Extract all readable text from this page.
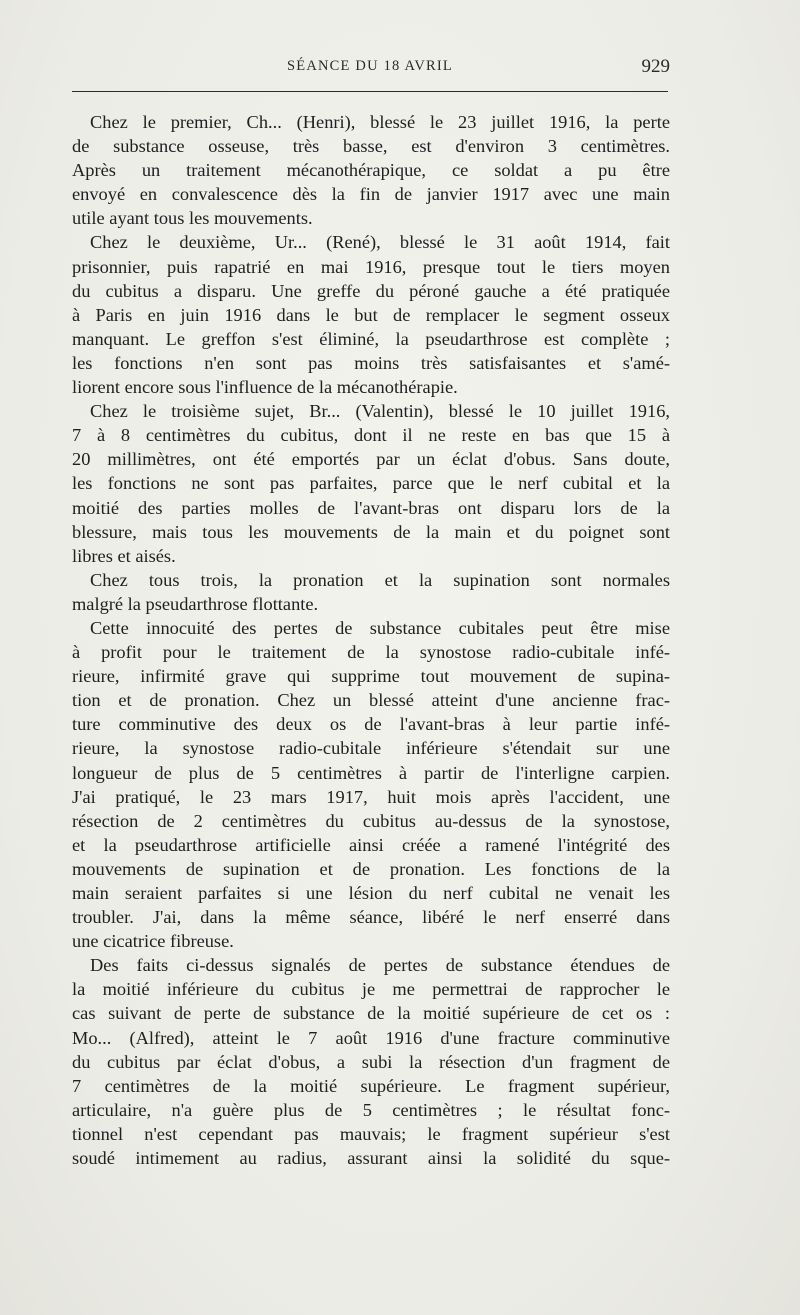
SÉANCE DU 18 AVRIL	929
Chez le premier, Ch... (Henri), blessé le 23 juillet 1916, la perte
de substance osseuse, très basse, est d'environ 3 centimètres.
Après un traitement mécanothérapique, ce soldat a pu être
envoyé en convalescence dès la fin de janvier 1917 avec une main
utile ayant tous les mouvements.
Chez le deuxième, Ur... (René), blessé le 31 août 1914, fait
prisonnier, puis rapatrié en mai 1916, presque tout le tiers moyen
du cubitus a disparu. Une greffe du péroné gauche a été pratiquée
à Paris en juin 1916 dans le but de remplacer le segment osseux
manquant. Le greffon s'est éliminé, la pseudarthrose est complète ;
les fonctions n'en sont pas moins très satisfaisantes et s'amé-
liorent encore sous l'influence de la mécanothérapie.
Chez le troisième sujet, Br... (Valentin), blessé le 10 juillet 1916,
7 à 8 centimètres du cubitus, dont il ne reste en bas que 15 à
20 millimètres, ont été emportés par un éclat d'obus. Sans doute,
les fonctions ne sont pas parfaites, parce que le nerf cubital et la
moitié des parties molles de l'avant-bras ont disparu lors de la
blessure, mais tous les mouvements de la main et du poignet sont
libres et aisés.
Chez tous trois, la pronation et la supination sont normales
malgré la pseudarthrose flottante.
Cette innocuité des pertes de substance cubitales peut être mise
à profit pour le traitement de la synostose radio-cubitale infé-
rieure, infirmité grave qui supprime tout mouvement de supina-
tion et de pronation. Chez un blessé atteint d'une ancienne frac-
ture comminutive des deux os de l'avant-bras à leur partie infé-
rieure, la synostose radio-cubitale inférieure s'étendait sur une
longueur de plus de 5 centimètres à partir de l'interligne carpien.
J'ai pratiqué, le 23 mars 1917, huit mois après l'accident, une
résection de 2 centimètres du cubitus au-dessus de la synostose,
et la pseudarthrose artificielle ainsi créée a ramené l'intégrité des
mouvements de supination et de pronation. Les fonctions de la
main seraient parfaites si une lésion du nerf cubital ne venait les
troubler. J'ai, dans la même séance, libéré le nerf enserré dans
une cicatrice fibreuse.
Des faits ci-dessus signalés de pertes de substance étendues de
la moitié inférieure du cubitus je me permettrai de rapprocher le
cas suivant de perte de substance de la moitié supérieure de cet os :
Mo... (Alfred), atteint le 7 août 1916 d'une fracture comminutive
du cubitus par éclat d'obus, a subi la résection d'un fragment de
7 centimètres de la moitié supérieure. Le fragment supérieur,
articulaire, n'a guère plus de 5 centimètres ; le résultat fonc-
tionnel n'est cependant pas mauvais; le fragment supérieur s'est
soudé intimement au radius, assurant ainsi la solidité du sque-
